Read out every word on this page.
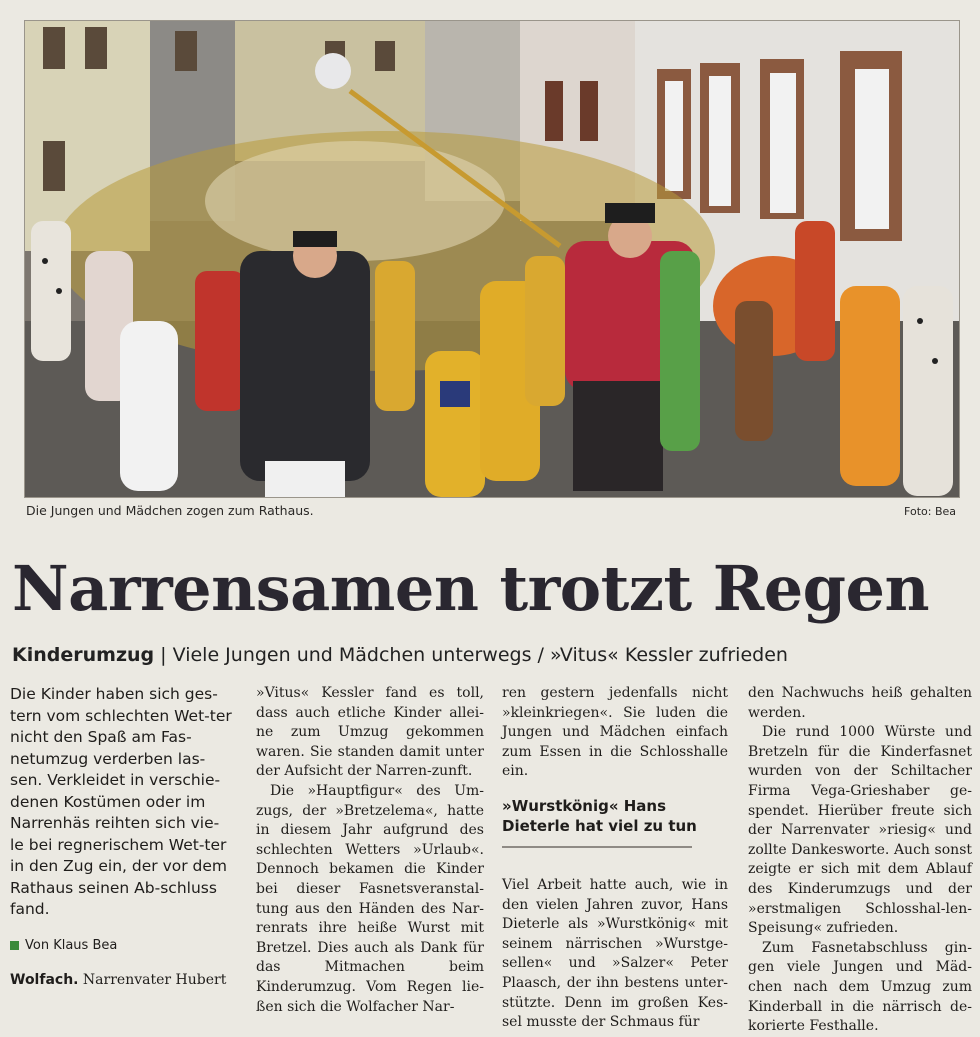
Die Jungen und Mädchen zogen zum Rathaus.	Foto: Bea
Narrensamen trotzt Regen
Kinderumzug | Viele Jungen und Mädchen unterwegs / »Vitus« Kessler zufrieden

Die Kinder haben sich ges-tern vom schlechten Wet-ter nicht den Spaß am Fas-netumzug verderben las-sen. Verkleidet in verschie-denen Kostümen oder im Narrenhäs reihten sich vie-le bei regnerischem Wet-ter in den Zug ein, der vor dem Rathaus seinen Ab-schluss fand.

Von Klaus Bea

Wolfach. Narrenvater Hubert

»Vitus« Kessler fand es toll, dass auch etliche Kinder allei-ne zum Umzug gekommen waren. Sie standen damit unter der Aufsicht der Narren-zunft.

Die »Hauptfigur« des Um-zugs, der »Bretzelema«, hatte in diesem Jahr aufgrund des schlechten Wetters »Urlaub«. Dennoch bekamen die Kinder bei dieser Fasnetsveranstal-tung aus den Händen des Nar-renrats ihre heiße Wurst mit Bretzel. Dies auch als Dank für das Mitmachen beim Kinderumzug. Vom Regen lie-ßen sich die Wolfacher Nar-

ren gestern jedenfalls nicht »kleinkriegen«. Sie luden die Jungen und Mädchen einfach zum Essen in die Schlosshalle ein.

»Wurstkönig« Hans Dieterle hat viel zu tun

Viel Arbeit hatte auch, wie in den vielen Jahren zuvor, Hans Dieterle als »Wurstkönig« mit seinem närrischen »Wurstge-sellen« und »Salzer« Peter Plaasch, der ihn bestens unter-stützte. Denn im großen Kes-sel musste der Schmaus für

den Nachwuchs heiß gehalten werden.

Die rund 1000 Würste und Bretzeln für die Kinderfasnet wurden von der Schiltacher Firma Vega-Grieshaber ge-spendet. Hierüber freute sich der Narrenvater »riesig« und zollte Dankesworte. Auch sonst zeigte er sich mit dem Ablauf des Kinderumzugs und der »erstmaligen Schlosshal-len-Speisung« zufrieden.

Zum Fasnetabschluss gin-gen viele Jungen und Mäd-chen nach dem Umzug zum Kinderball in die närrisch de-korierte Festhalle.
